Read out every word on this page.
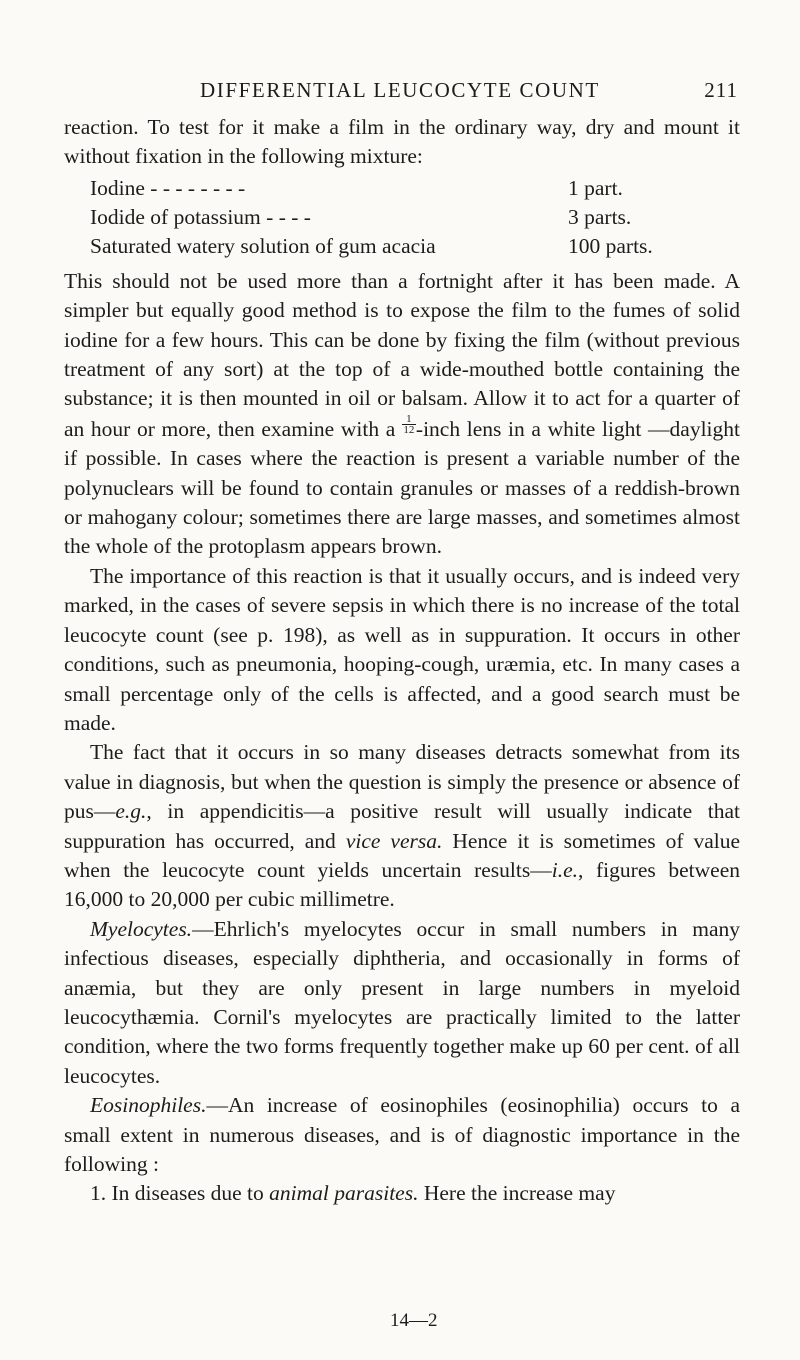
DIFFERENTIAL LEUCOCYTE COUNT	211

reaction. To test for it make a film in the ordinary way, dry and mount it without fixation in the following mixture:

Iodine - - - - - - - -	1 part.
Iodide of potassium - - - -	3 parts.
Saturated watery solution of gum acacia	100 parts.

This should not be used more than a fortnight after it has been made. A simpler but equally good method is to expose the film to the fumes of solid iodine for a few hours. This can be done by fixing the film (without previous treatment of any sort) at the top of a wide-mouthed bottle containing the substance; it is then mounted in oil or balsam. Allow it to act for a quarter of an hour or more, then examine with a $\frac{1}{12}$ -inch lens in a white light —daylight if possible. In cases where the reaction is present a variable number of the polynuclears will be found to contain granules or masses of a reddish-brown or mahogany colour; sometimes there are large masses, and sometimes almost the whole of the protoplasm appears brown.

The importance of this reaction is that it usually occurs, and is indeed very marked, in the cases of severe sepsis in which there is no increase of the total leucocyte count (see p. 198), as well as in suppuration. It occurs in other conditions, such as pneumonia, hooping-cough, uræmia, etc. In many cases a small percentage only of the cells is affected, and a good search must be made.

The fact that it occurs in so many diseases detracts somewhat from its value in diagnosis, but when the question is simply the presence or absence of pus—e.g., in appendicitis—a positive result will usually indicate that suppuration has occurred, and vice versa. Hence it is sometimes of value when the leucocyte count yields uncertain results—i.e., figures between 16,000 to 20,000 per cubic millimetre.

Myelocytes.—Ehrlich's myelocytes occur in small numbers in many infectious diseases, especially diphtheria, and occasionally in forms of anæmia, but they are only present in large numbers in myeloid leucocythæmia. Cornil's myelocytes are practically limited to the latter condition, where the two forms frequently together make up 60 per cent. of all leucocytes.

Eosinophiles.—An increase of eosinophiles (eosinophilia) occurs to a small extent in numerous diseases, and is of diagnostic importance in the following :

1. In diseases due to animal parasites. Here the increase may

14—2
